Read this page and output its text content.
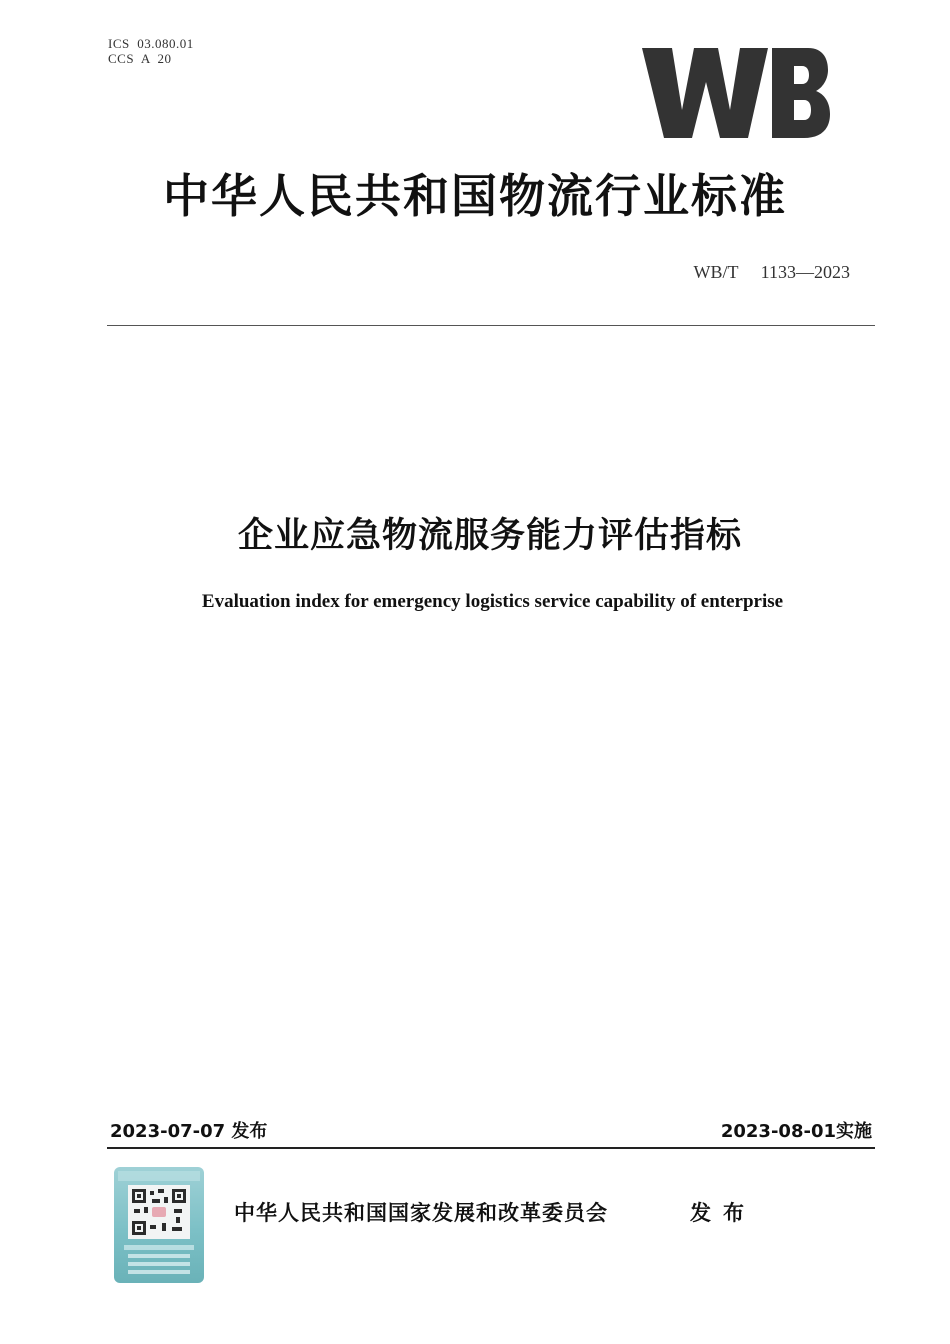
ICS  03.080.01
CCS  A  20
中华人民共和国物流行业标准
WB/T 1133—2023
企业应急物流服务能力评估指标
Evaluation index for emergency logistics service capability of enterprise
2023-07-07 发布	2023-08-01实施
中华人民共和国国家发展和改革委员会	发布
